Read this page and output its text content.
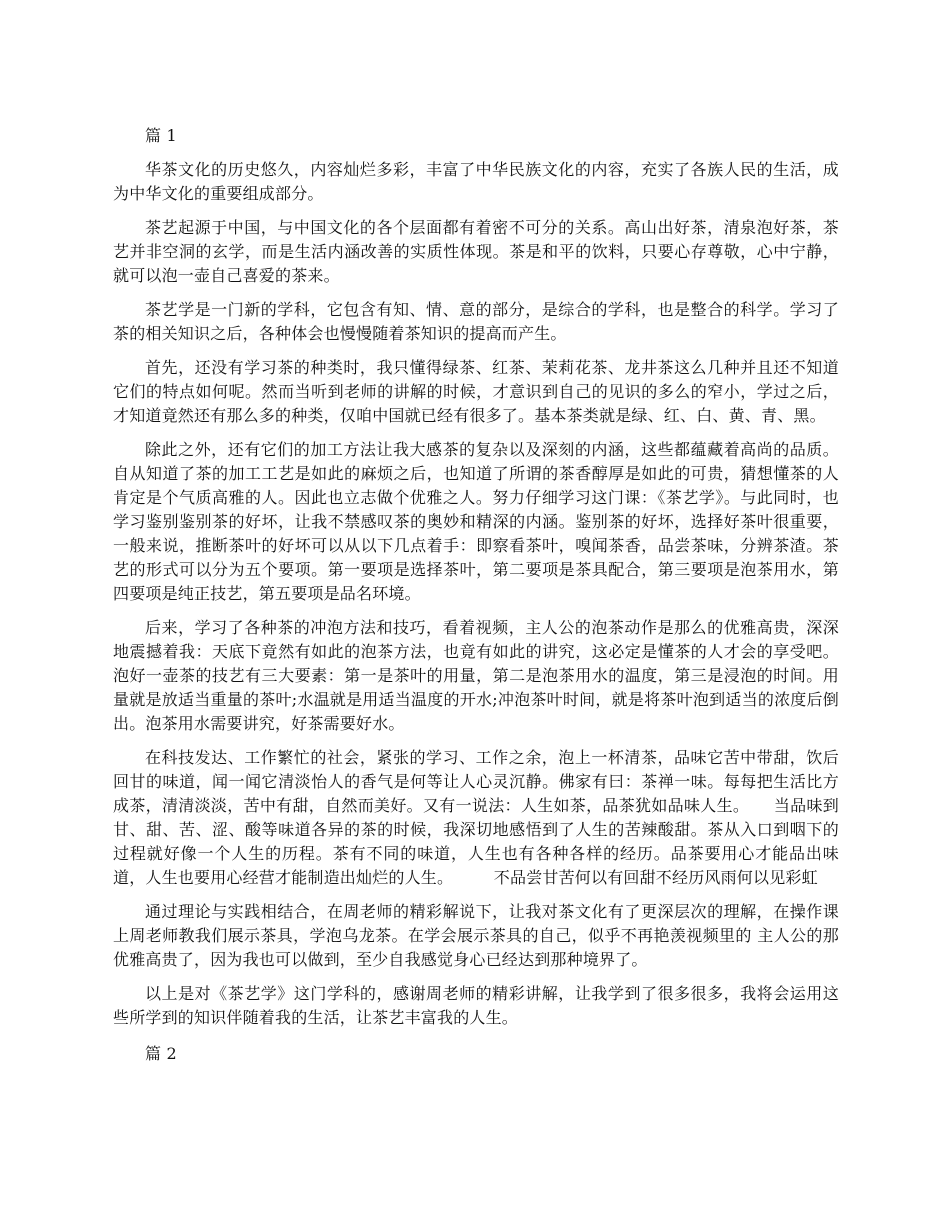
篇 1

华茶文化的历史悠久，内容灿烂多彩，丰富了中华民族文化的内容，充实了各族人民的生活，成为中华文化的重要组成部分。

茶艺起源于中国，与中国文化的各个层面都有着密不可分的关系。高山出好茶，清泉泡好茶，茶艺并非空洞的玄学，而是生活内涵改善的实质性体现。茶是和平的饮料，只要心存尊敬，心中宁静，就可以泡一壶自己喜爱的茶来。

茶艺学是一门新的学科，它包含有知、情、意的部分，是综合的学科，也是整合的科学。学习了茶的相关知识之后，各种体会也慢慢随着茶知识的提高而产生。

首先，还没有学习茶的种类时，我只懂得绿茶、红茶、茉莉花茶、龙井茶这么几种并且还不知道它们的特点如何呢。然而当听到老师的讲解的时候，才意识到自己的见识的多么的窄小，学过之后，才知道竟然还有那么多的种类，仅咱中国就已经有很多了。基本茶类就是绿、红、白、黄、青、黑。

除此之外，还有它们的加工方法让我大感茶的复杂以及深刻的内涵，这些都蕴藏着高尚的品质。 自从知道了茶的加工工艺是如此的麻烦之后，也知道了所谓的茶香醇厚是如此的可贵，猜想懂茶的人肯定是个气质高雅的人。因此也立志做个优雅之人。努力仔细学习这门课：《茶艺学》。与此同时，也学习鉴别鉴别茶的好坏，让我不禁感叹茶的奥妙和精深的内涵。鉴别茶的好坏，选择好茶叶很重要，一般来说，推断茶叶的好坏可以从以下几点着手：即察看茶叶，嗅闻茶香，品尝茶味，分辨茶渣。茶艺的形式可以分为五个要项。第一要项是选择茶叶，第二要项是茶具配合，第三要项是泡茶用水，第四要项是纯正技艺，第五要项是品名环境。

后来，学习了各种茶的冲泡方法和技巧，看着视频，主人公的泡茶动作是那么的优雅高贵，深深地震撼着我：天底下竟然有如此的泡茶方法，也竟有如此的讲究，这必定是懂茶的人才会的享受吧。泡好一壶茶的技艺有三大要素：第一是茶叶的用量，第二是泡茶用水的温度，第三是浸泡的时间。用量就是放适当重量的茶叶;水温就是用适当温度的开水;冲泡茶叶时间，就是将茶叶泡到适当的浓度后倒出。泡茶用水需要讲究，好茶需要好水。

在科技发达、工作繁忙的社会，紧张的学习、工作之余，泡上一杯清茶，品味它苦中带甜，饮后回甘的味道，闻一闻它清淡怡人的香气是何等让人心灵沉静。佛家有曰：茶禅一味。每每把生活比方成茶，清清淡淡，苦中有甜，自然而美好。又有一说法：人生如茶，品茶犹如品味人生。　　当品味到甘、甜、苦、涩、酸等味道各异的茶的时候，我深切地感悟到了人生的苦辣酸甜。茶从入口到咽下的过程就好像一个人生的历程。茶有不同的味道，人生也有各种各样的经历。品茶要用心才能品出味道，人生也要用心经营才能制造出灿烂的人生。　　　不品尝甘苦何以有回甜不经历风雨何以见彩虹

通过理论与实践相结合，在周老师的精彩解说下，让我对茶文化有了更深层次的理解，在操作课上周老师教我们展示茶具，学泡乌龙茶。在学会展示茶具的自己，似乎不再艳羡视频里的 主人公的那优雅高贵了，因为我也可以做到，至少自我感觉身心已经达到那种境界了。

以上是对《茶艺学》这门学科的，感谢周老师的精彩讲解，让我学到了很多很多，我将会运用这些所学到的知识伴随着我的生活，让茶艺丰富我的人生。

篇 2
